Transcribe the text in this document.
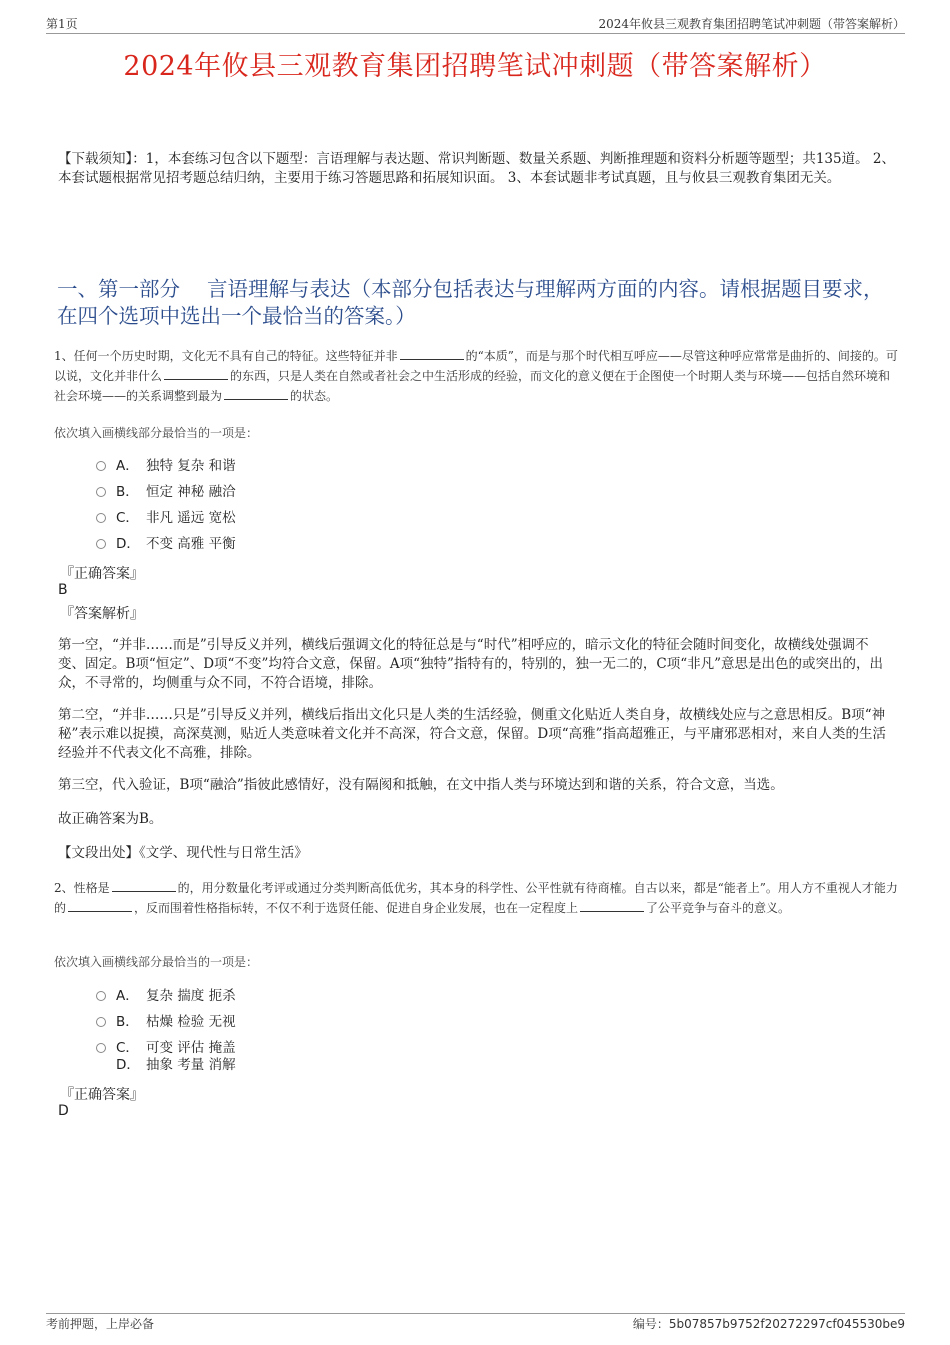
第1页	2024年攸县三观教育集团招聘笔试冲刺题（带答案解析）
2024年攸县三观教育集团招聘笔试冲刺题（带答案解析）
【下载须知】：1，本套练习包含以下题型：言语理解与表达题、常识判断题、数量关系题、判断推理题和资料分析题等题型；共135道。 2、本套试题根据常见招考题总结归纳，主要用于练习答题思路和拓展知识面。 3、本套试题非考试真题，且与攸县三观教育集团无关。
一、第一部分　 言语理解与表达（本部分包括表达与理解两方面的内容。请根据题目要求，在四个选项中选出一个最恰当的答案。）
1、任何一个历史时期，文化无不具有自己的特征。这些特征并非	的“本质”，而是与那个时代相互呼应——尽管这种呼应常常是曲折的、间接的。可以说，文化并非什么	的东西，只是人类在自然或者社会之中生活形成的经验，而文化的意义便在于企图使一个时期人类与环境——包括自然环境和社会环境——的关系调整到最为	的状态。
依次填入画横线部分最恰当的一项是：
A． 独特 复杂 和谐
B． 恒定 神秘 融洽
C． 非凡 遥远 宽松
D． 不变 高雅 平衡
『正确答案』
B
『答案解析』
第一空，“并非……而是”引导反义并列，横线后强调文化的特征总是与“时代”相呼应的，暗示文化的特征会随时间变化，故横线处强调不变、固定。B项“恒定”、D项“不变”均符合文意，保留。A项“独特”指特有的，特别的，独一无二的，C项“非凡”意思是出色的或突出的，出众，不寻常的，均侧重与众不同，不符合语境，排除。
第二空，“并非……只是”引导反义并列，横线后指出文化只是人类的生活经验，侧重文化贴近人类自身，故横线处应与之意思相反。B项“神秘”表示难以捉摸，高深莫测，贴近人类意味着文化并不高深，符合文意，保留。D项“高雅”指高超雅正，与平庸邪恶相对，来自人类的生活经验并不代表文化不高雅，排除。
第三空，代入验证，B项“融洽”指彼此感情好，没有隔阂和抵触，在文中指人类与环境达到和谐的关系，符合文意，当选。
故正确答案为B。
【文段出处】《文学、现代性与日常生活》
2、性格是	的，用分数量化考评或通过分类判断高低优劣，其本身的科学性、公平性就有待商榷。自古以来，都是“能者上”。用人方不重视人才能力的	，反而围着性格指标转，不仅不利于选贤任能、促进自身企业发展，也在一定程度上	了公平竞争与奋斗的意义。
依次填入画横线部分最恰当的一项是：
A． 复杂 揣度 扼杀
B． 枯燥 检验 无视
C． 可变 评估 掩盖
D． 抽象 考量 消解
『正确答案』
D
考前押题，上岸必备	编号：5b07857b9752f20272297cf045530be9
